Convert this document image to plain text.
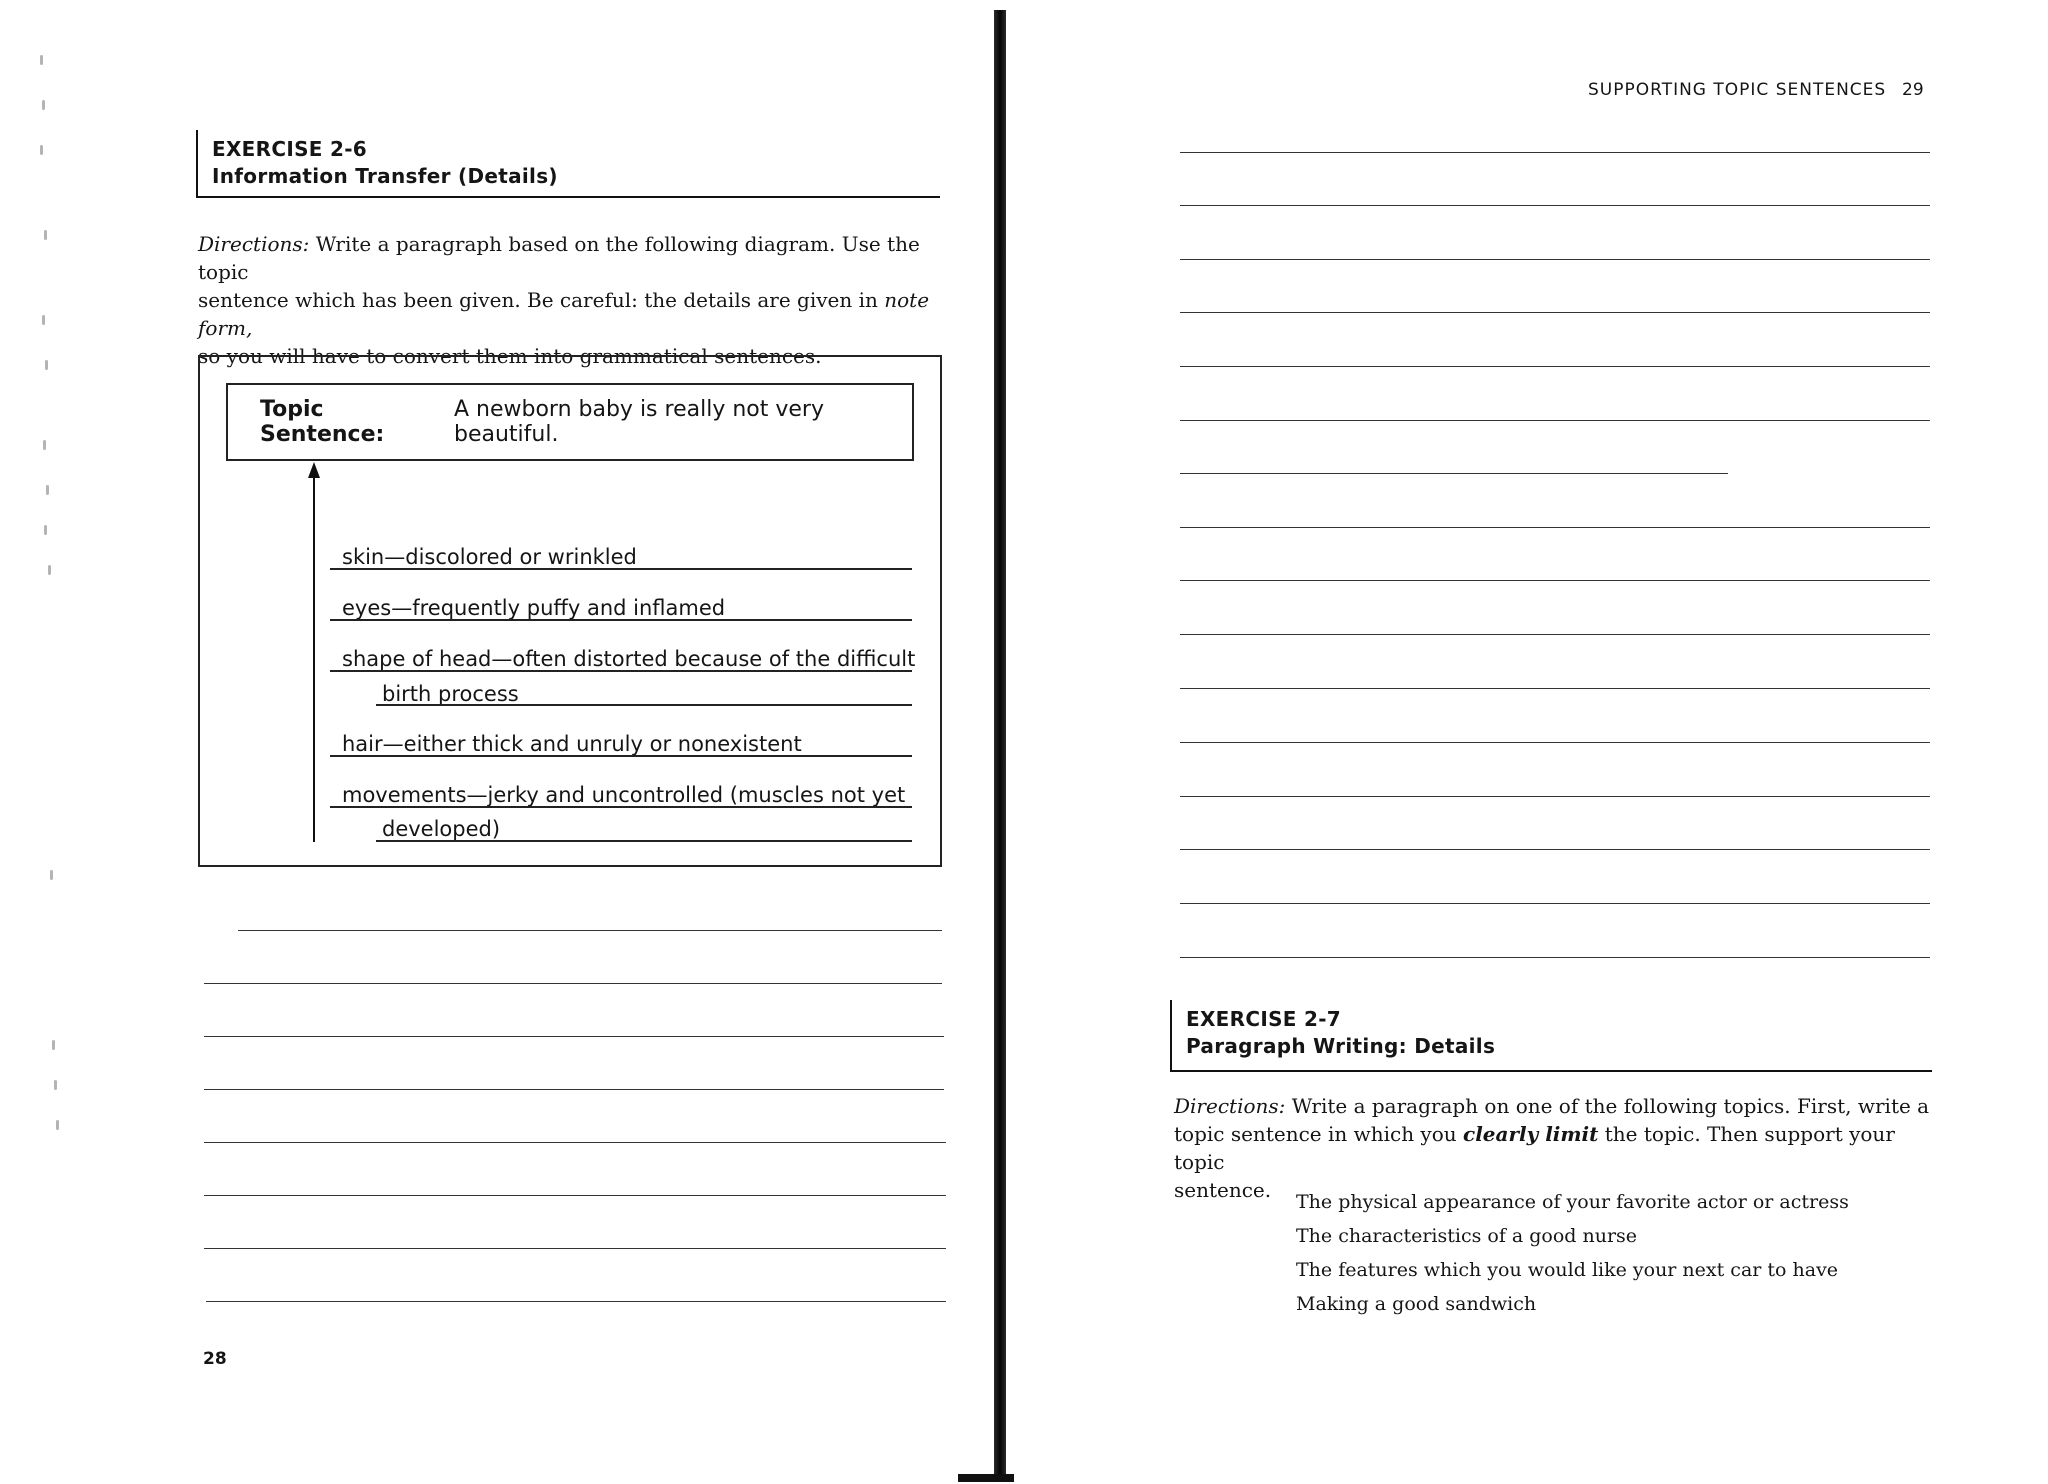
EXERCISE 2-6
Information Transfer (Details)
Directions: Write a paragraph based on the following diagram. Use the topic
sentence which has been given. Be careful: the details are given in note form,
so you will have to convert them into grammatical sentences.
Topic Sentence:
A newborn baby is really not very beautiful.
skin—discolored or wrinkled
eyes—frequently puffy and inflamed
shape of head—often distorted because of the difficult
birth process
hair—either thick and unruly or nonexistent
movements—jerky and uncontrolled (muscles not yet
developed)
28
SUPPORTING TOPIC SENTENCES 29
EXERCISE 2-7
Paragraph Writing: Details
Directions: Write a paragraph on one of the following topics. First, write a
topic sentence in which you clearly limit the topic. Then support your topic
sentence.	The physical appearance of your favorite actor or actress
The characteristics of a good nurse
The features which you would like your next car to have
Making a good sandwich
